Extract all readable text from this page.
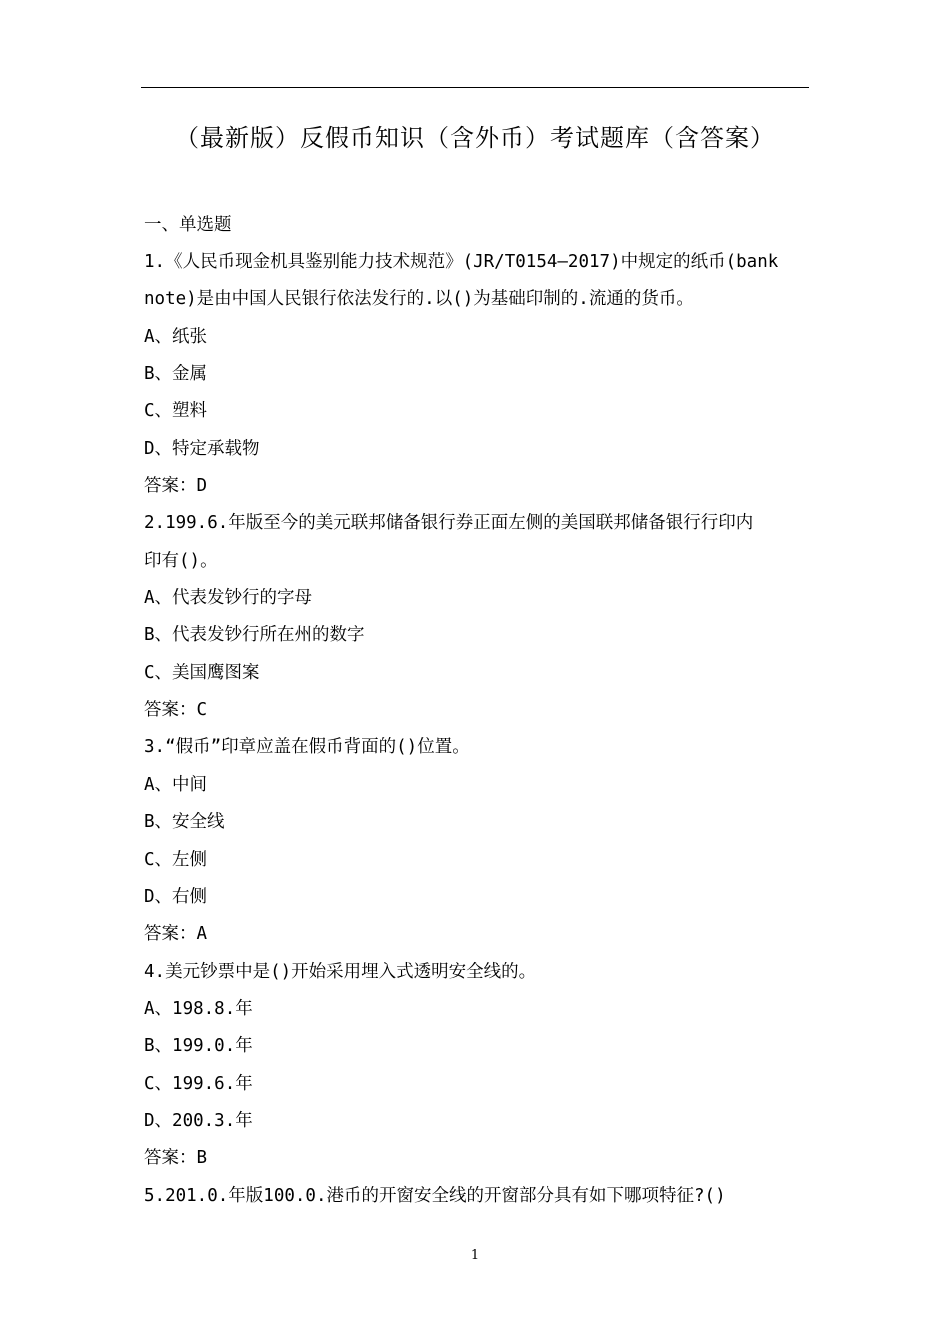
（最新版）反假币知识（含外币）考试题库（含答案）
一、单选题
1.《人民币现金机具鉴别能力技术规范》(JR/T0154—2017)中规定的纸币(bank
note)是由中国人民银行依法发行的.以()为基础印制的.流通的货币。
A、纸张
B、金属
C、塑料
D、特定承载物
答案：D
2.199.6.年版至今的美元联邦储备银行券正面左侧的美国联邦储备银行行印内
印有()。
A、代表发钞行的字母
B、代表发钞行所在州的数字
C、美国鹰图案
答案：C
3.“假币”印章应盖在假币背面的()位置。
A、中间
B、安全线
C、左侧
D、右侧
答案：A
4.美元钞票中是()开始采用埋入式透明安全线的。
A、198.8.年
B、199.0.年
C、199.6.年
D、200.3.年
答案：B
5.201.0.年版100.0.港币的开窗安全线的开窗部分具有如下哪项特征?()
1
